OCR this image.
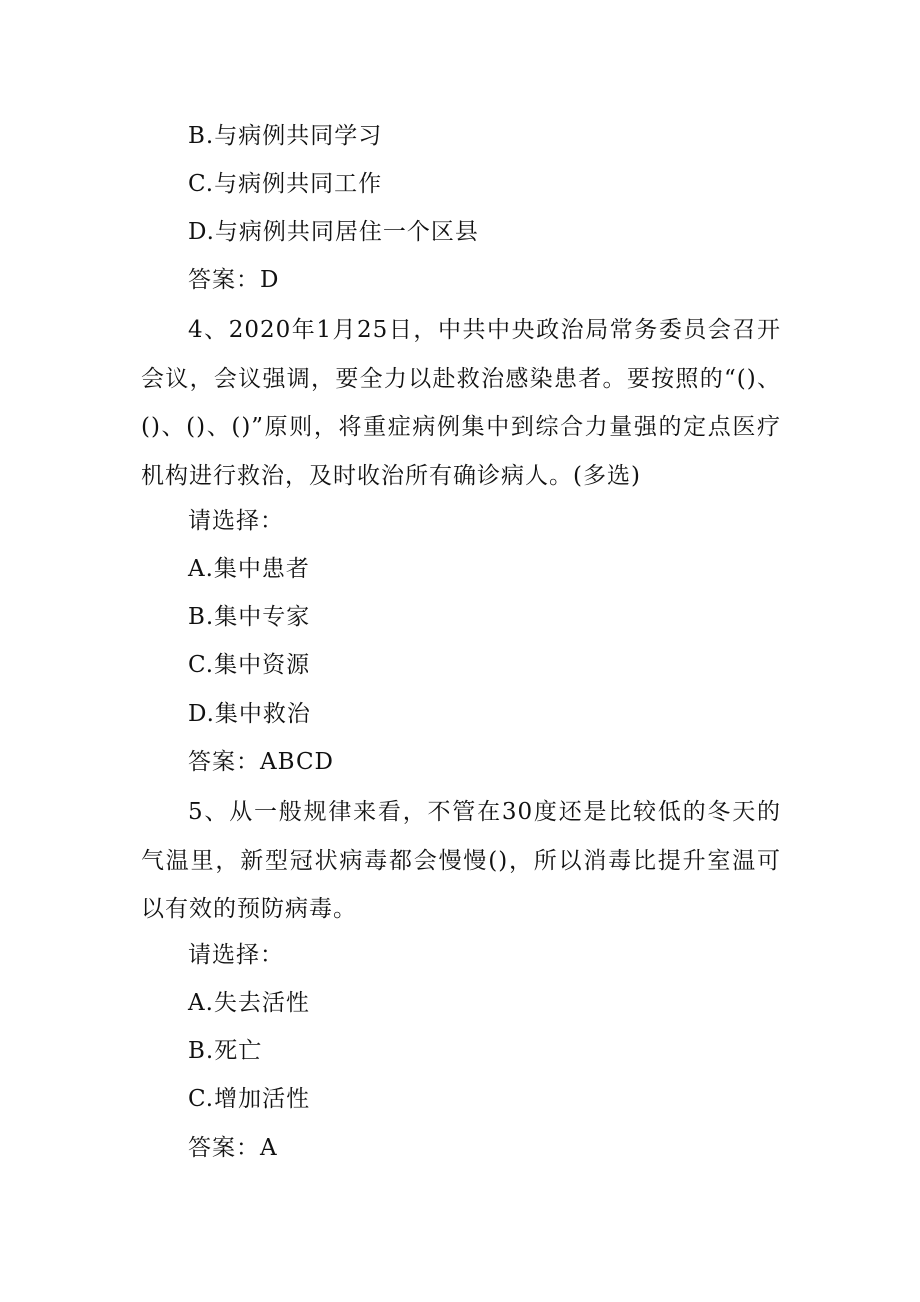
B.与病例共同学习
C.与病例共同工作
D.与病例共同居住一个区县
答案：D

4、2020年1月25日，中共中央政治局常务委员会召开会议，会议强调，要全力以赴救治感染患者。要按照的“()、()、()、()”原则，将重症病例集中到综合力量强的定点医疗机构进行救治，及时收治所有确诊病人。(多选)

请选择：
A.集中患者
B.集中专家
C.集中资源
D.集中救治
答案：ABCD

5、从一般规律来看，不管在30度还是比较低的冬天的气温里，新型冠状病毒都会慢慢()，所以消毒比提升室温可以有效的预防病毒。

请选择：
A.失去活性
B.死亡
C.增加活性
答案：A
